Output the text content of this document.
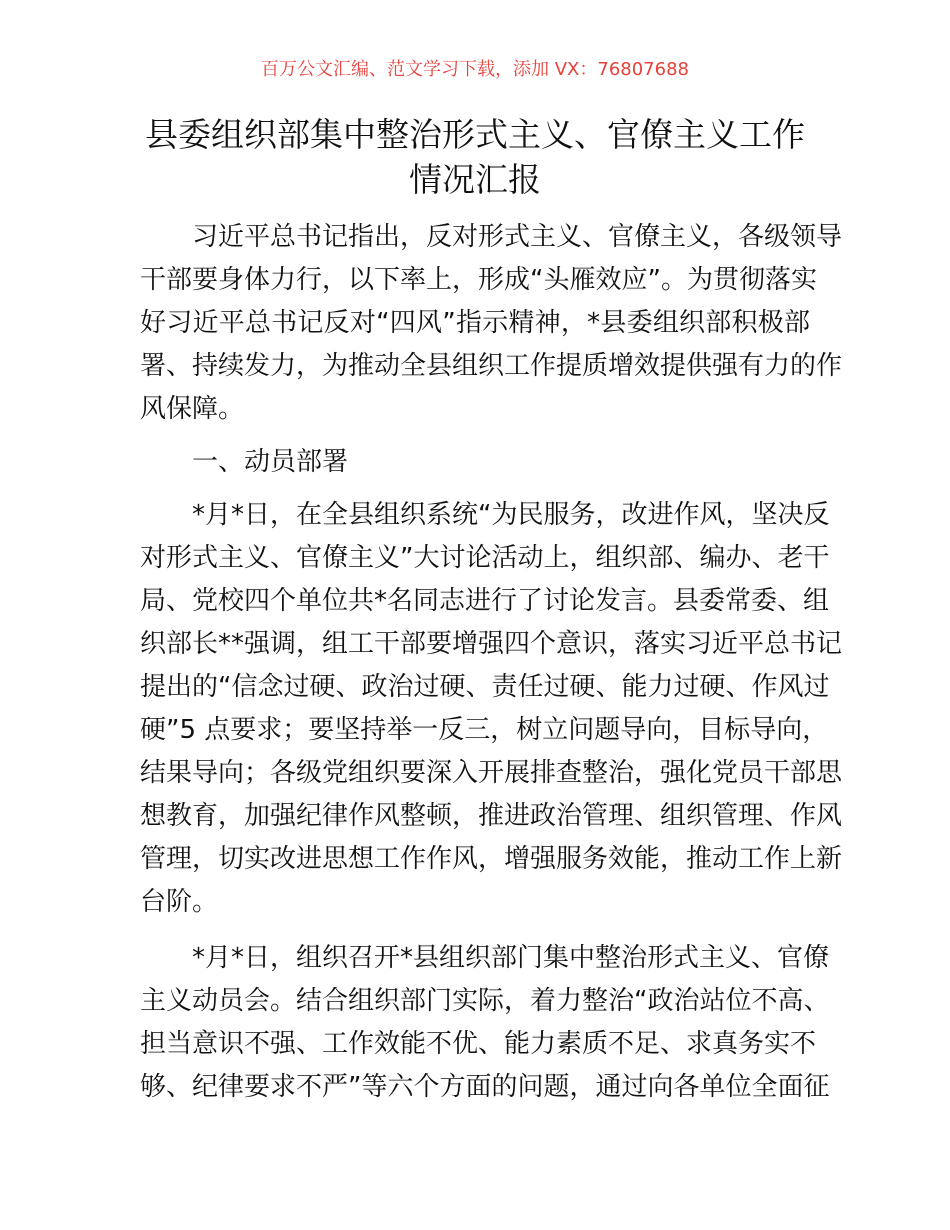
百万公文汇编、范文学习下载，添加 VX：76807688
县委组织部集中整治形式主义、官僚主义工作
情况汇报
习近平总书记指出，反对形式主义、官僚主义，各级领导
干部要身体力行，以下率上，形成“头雁效应”。为贯彻落实
好习近平总书记反对“四风”指示精神，*县委组织部积极部
署、持续发力，为推动全县组织工作提质增效提供强有力的作
风保障。
一、动员部署
*月*日，在全县组织系统“为民服务，改进作风，坚决反
对形式主义、官僚主义”大讨论活动上，组织部、编办、老干
局、党校四个单位共*名同志进行了讨论发言。县委常委、组
织部长**强调，组工干部要增强四个意识，落实习近平总书记
提出的“信念过硬、政治过硬、责任过硬、能力过硬、作风过
硬”5 点要求；要坚持举一反三，树立问题导向，目标导向，
结果导向；各级党组织要深入开展排查整治，强化党员干部思
想教育，加强纪律作风整顿，推进政治管理、组织管理、作风
管理，切实改进思想工作作风，增强服务效能，推动工作上新
台阶。
*月*日，组织召开*县组织部门集中整治形式主义、官僚
主义动员会。结合组织部门实际，着力整治“政治站位不高、
担当意识不强、工作效能不优、能力素质不足、求真务实不
够、纪律要求不严”等六个方面的问题，通过向各单位全面征
